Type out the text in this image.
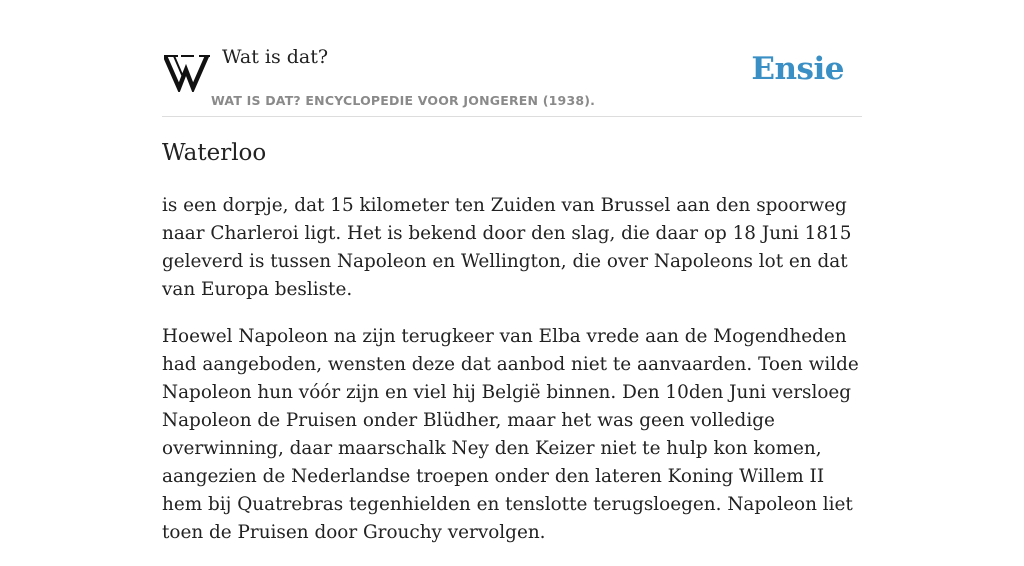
Wat is dat?
WAT IS DAT? ENCYCLOPEDIE VOOR JONGEREN (1938).
Ensie
Waterloo

is een dorpje, dat 15 kilometer ten Zuiden van Brussel aan den spoorweg naar Charleroi ligt. Het is bekend door den slag, die daar op 18 Juni 1815 geleverd is tussen Napoleon en Wellington, die over Napoleons lot en dat van Europa besliste.

Hoewel Napoleon na zijn terugkeer van Elba vrede aan de Mogendheden had aangeboden, wensten deze dat aanbod niet te aanvaarden. Toen wilde Napoleon hun vóór zijn en viel hij België binnen. Den 10den Juni versloeg Napoleon de Pruisen onder Blüdher, maar het was geen volledige overwinning, daar maarschalk Ney den Keizer niet te hulp kon komen, aangezien de Nederlandse troepen onder den lateren Koning Willem II hem bij Quatrebras tegenhielden en tenslotte terugsloegen. Napoleon liet toen de Pruisen door Grouchy vervolgen.
